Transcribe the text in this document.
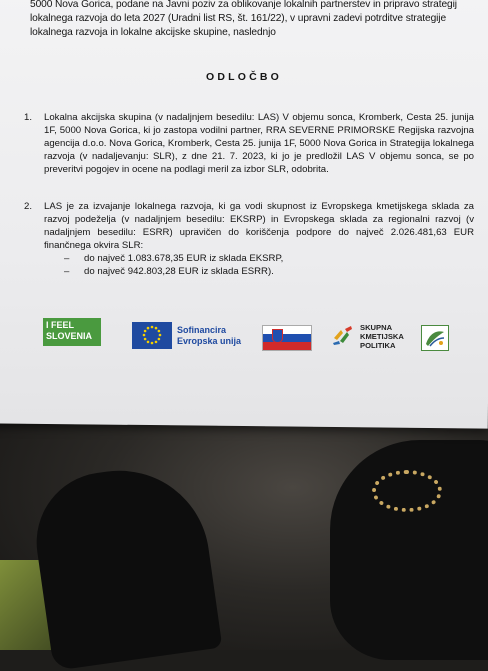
5000 Nova Gorica, podane na Javni poziv za oblikovanje lokalnih partnerstev in pripravo strategij
lokalnega razvoja do leta 2027 (Uradni list RS, št. 161/22), v upravni zadevi potrditve strategije
lokalnega razvoja in lokalne akcijske skupine, naslednjo
ODLOČBO
1. Lokalna akcijska skupina (v nadaljnjem besedilu: LAS) V objemu sonca, Kromberk, Cesta 25. junija 1F, 5000 Nova Gorica, ki jo zastopa vodilni partner, RRA SEVERNE PRIMORSKE Regijska razvojna agencija d.o.o. Nova Gorica, Kromberk, Cesta 25. junija 1F, 5000 Nova Gorica in Strategija lokalnega razvoja (v nadaljevanju: SLR), z dne 21. 7. 2023, ki jo je predložil LAS V objemu sonca, se po preveritvi pogojev in ocene na podlagi meril za izbor SLR, odobrita.
2. LAS je za izvajanje lokalnega razvoja, ki ga vodi skupnost iz Evropskega kmetijskega sklada za razvoj podeželja (v nadaljnjem besedilu: EKSRP) in Evropskega sklada za regionalni razvoj (v nadaljnjem besedilu: ESRR) upravičen do koriščenja podpore do največ 2.026.481,63 EUR finančnega okvira SLR:
– do največ 1.083.678,35 EUR iz sklada EKSRP,
– do največ 942.803,28 EUR iz sklada ESRR).
I FEEL
SLOVENIA
Sofinancira
Evropska unija
SKUPNA
KMETIJSKA
POLITIKA
